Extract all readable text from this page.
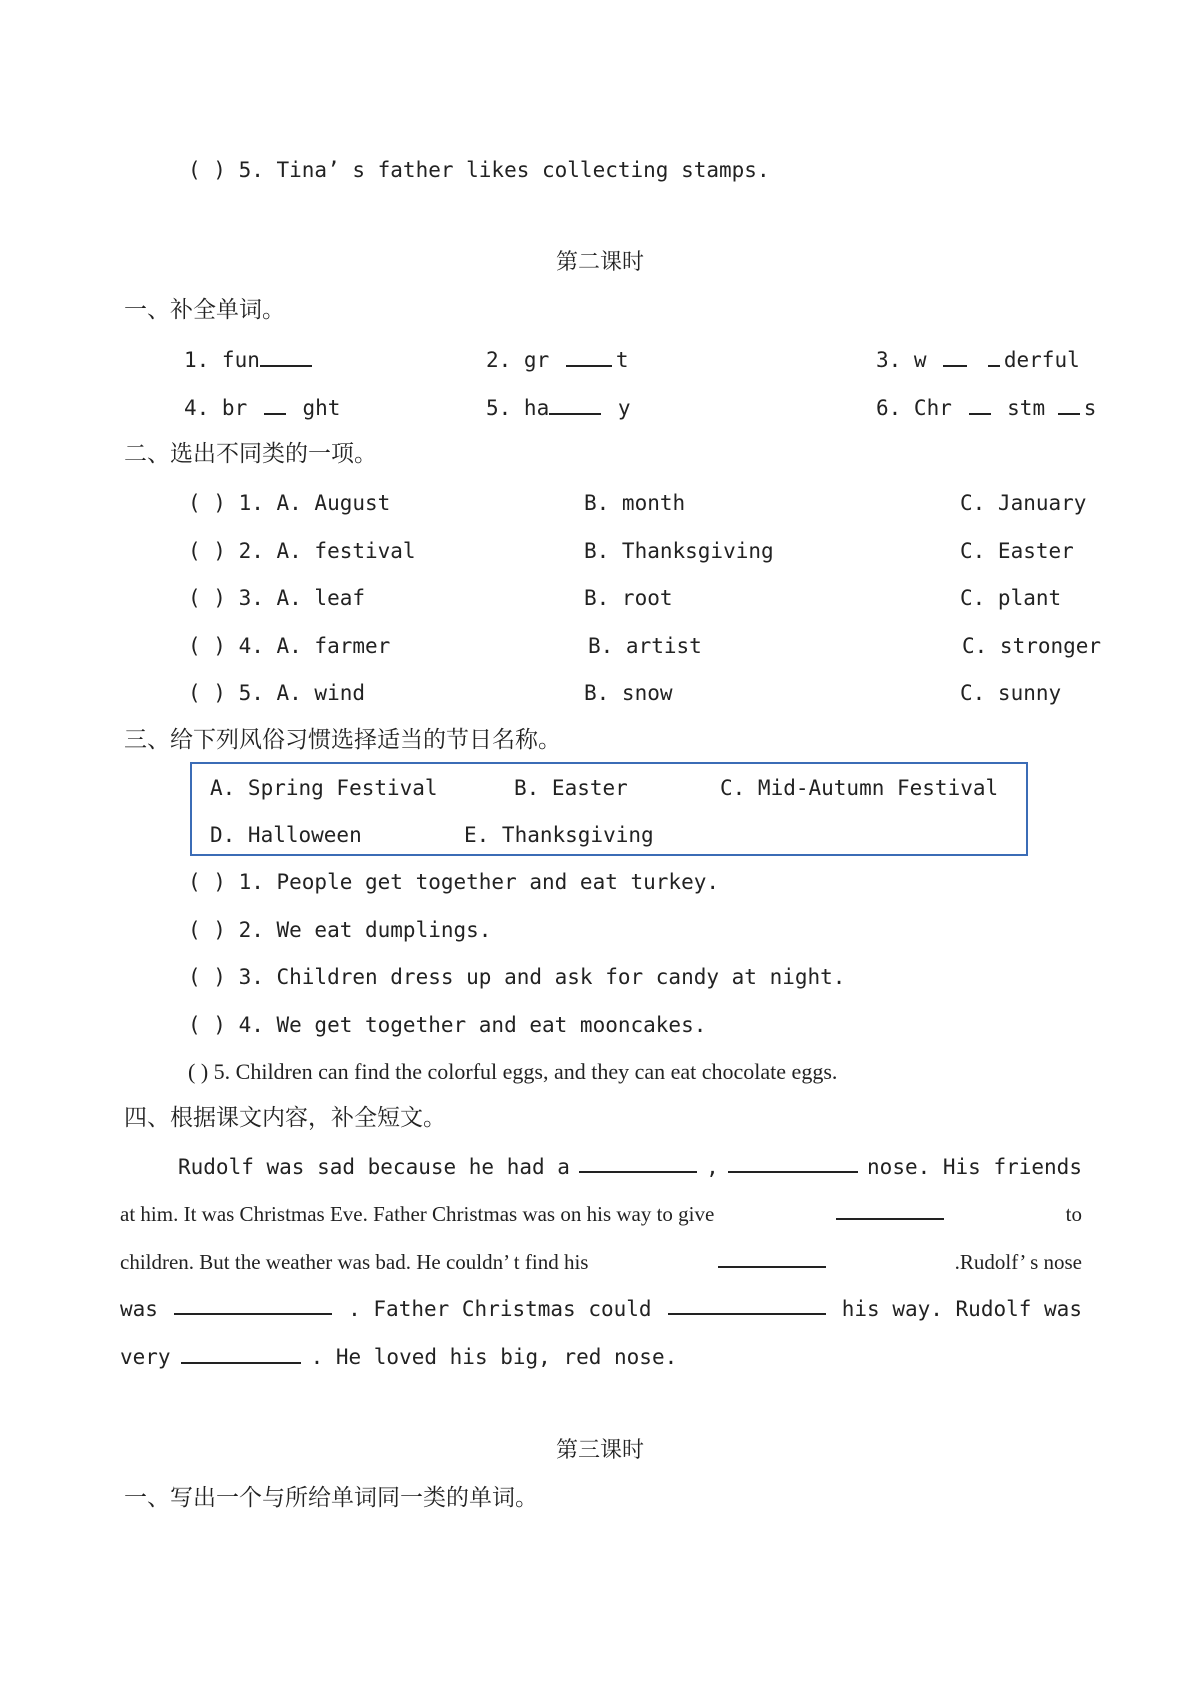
( ) 5. Tina’ s father likes collecting stamps.
第二课时
一、补全单词。
1. fun	2. gr	t	3. w	derful
4. br  ght	5. ha	y	6. Chr  stm s
二、选出不同类的一项。
( ) 1. A. August	B. month	C. January
( ) 2. A. festival	B. Thanksgiving	C. Easter
( ) 3. A. leaf	B. root	C. plant
( ) 4. A. farmer	B. artist	C. stronger
( ) 5. A. wind	B. snow	C. sunny
三、给下列风俗习惯选择适当的节日名称。
A. Spring Festival	B. Easter	C. Mid-Autumn Festival
D. Halloween	E. Thanksgiving
( ) 1. People get together and eat turkey.
( ) 2. We eat dumplings.
( ) 3. Children dress up and ask for candy at night.
( ) 4. We get together and eat mooncakes.
( ) 5. Children can find the colorful eggs, and they can eat chocolate eggs.
四、根据课文内容，补全短文。
Rudolf was sad because he had a	,	nose. His friends
at him. It was Christmas Eve. Father Christmas was on his way to give	to
children. But the weather was bad. He couldn’ t find his	.Rudolf’ s nose
was	. Father Christmas could	his way. Rudolf was
very	. He loved his big, red nose.
第三课时
一、写出一个与所给单词同一类的单词。
